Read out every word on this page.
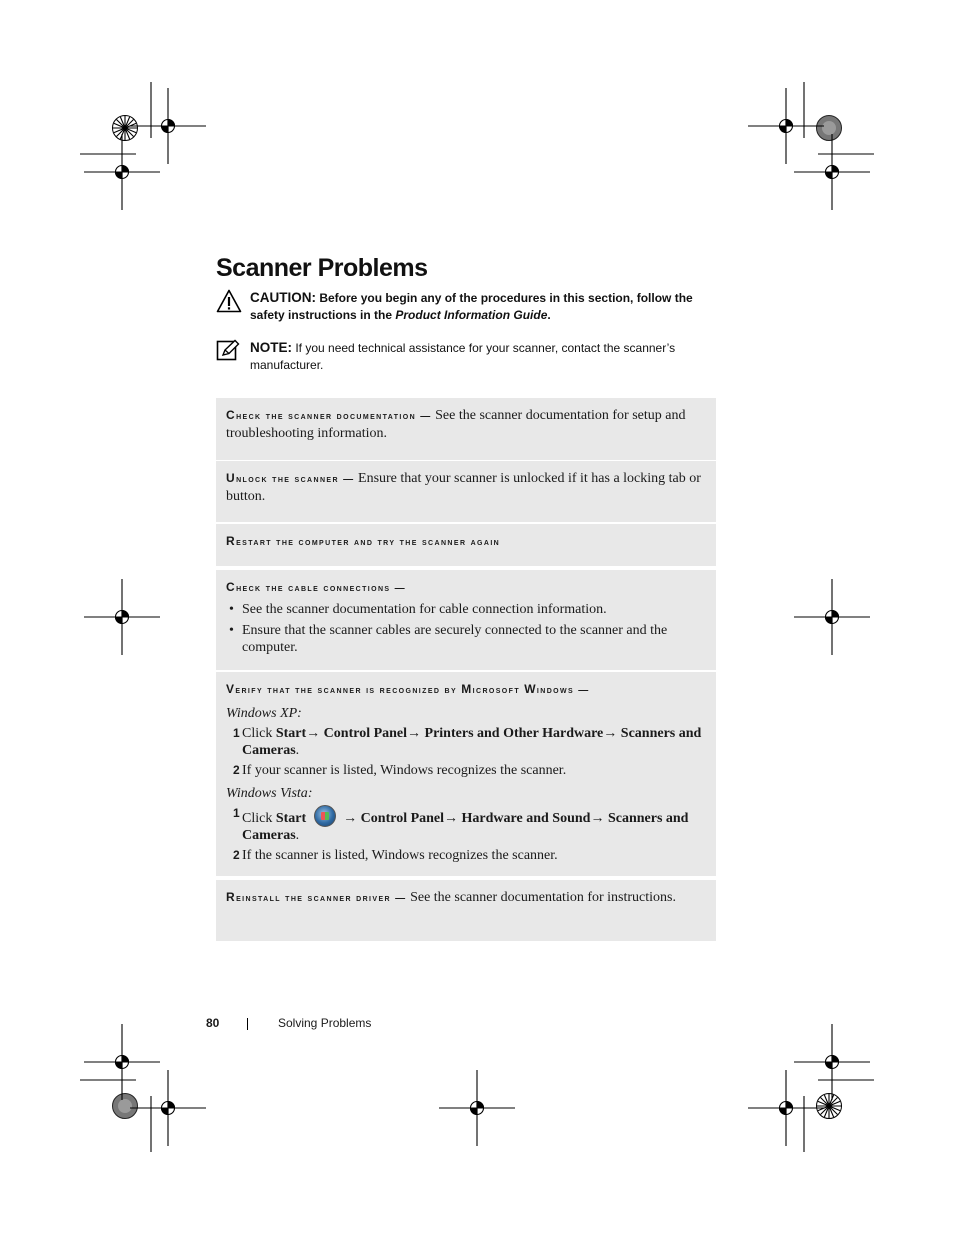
Scanner Problems
CAUTION: Before you begin any of the procedures in this section, follow the safety instructions in the Product Information Guide.
NOTE: If you need technical assistance for your scanner, contact the scanner’s manufacturer.
Check the scanner documentation — See the scanner documentation for setup and troubleshooting information.
Unlock the scanner — Ensure that your scanner is unlocked if it has a locking tab or button.
Restart the computer and try the scanner again
Check the cable connections —
• See the scanner documentation for cable connection information.
• Ensure that the scanner cables are securely connected to the scanner and the computer.
Verify that the scanner is recognized by Microsoft Windows —
Windows XP:
1 Click Start→ Control Panel→ Printers and Other Hardware→ Scanners and Cameras.
2 If your scanner is listed, Windows recognizes the scanner.
Windows Vista:
1 Click Start	→ Control Panel→ Hardware and Sound→ Scanners and Cameras.
2 If the scanner is listed, Windows recognizes the scanner.
Reinstall the scanner driver — See the scanner documentation for instructions.
80	Solving Problems
